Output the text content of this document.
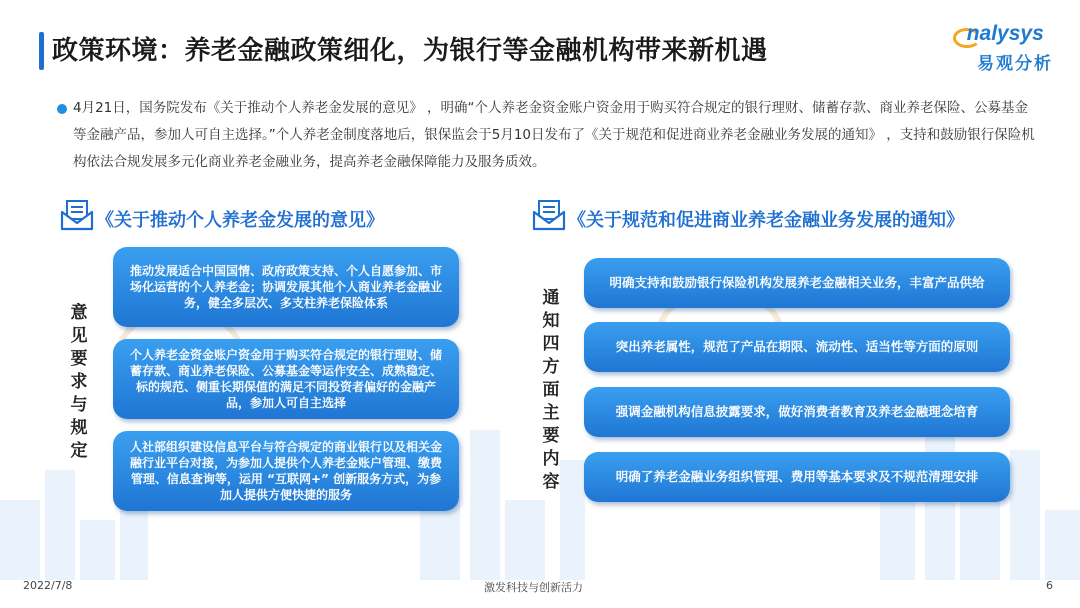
政策环境：养老金融政策细化，为银行等金融机构带来新机遇
nalysys
易观分析
4月21日，国务院发布《关于推动个人养老金发展的意见》 ，明确“个人养老金资金账户资金用于购买符合规定的银行理财、储蓄存款、商业养老保险、公募基金等金融产品，参加人可自主选择。”个人养老金制度落地后，银保监会于5月10日发布了《关于规范和促进商业养老金融业务发展的通知》 ，支持和鼓励银行保险机构依法合规发展多元化商业养老金融业务，提高养老金融保障能力及服务质效。
《关于推动个人养老金发展的意见》
意见要求与规定
推动发展适合中国国情、政府政策支持、个人自愿参加、市场化运营的个人养老金；协调发展其他个人商业养老金融业务，健全多层次、多支柱养老保险体系
个人养老金资金账户资金用于购买符合规定的银行理财、储蓄存款、商业养老保险、公募基金等运作安全、成熟稳定、标的规范、侧重长期保值的满足不同投资者偏好的金融产品，参加人可自主选择
人社部组织建设信息平台与符合规定的商业银行以及相关金融行业平台对接，为参加人提供个人养老金账户管理、缴费管理、信息查询等，运用 “互联网+” 创新服务方式，为参加人提供方便快捷的服务
《关于规范和促进商业养老金融业务发展的通知》
通知四方面主要内容
明确支持和鼓励银行保险机构发展养老金融相关业务，丰富产品供给
突出养老属性，规范了产品在期限、流动性、适当性等方面的原则
强调金融机构信息披露要求，做好消费者教育及养老金融理念培育
明确了养老金融业务组织管理、费用等基本要求及不规范清理安排
2022/7/8	激发科技与创新活力	6
